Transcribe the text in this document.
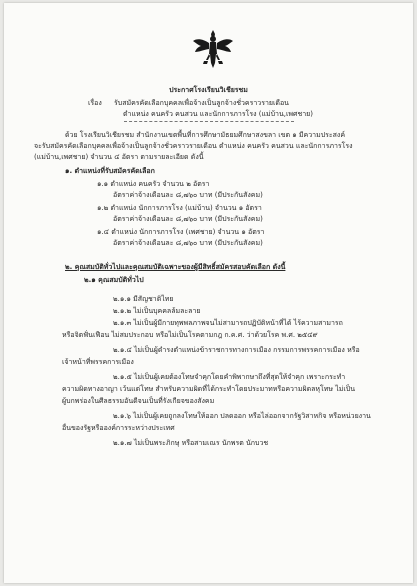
ประกาศโรงเรียนวิเชียรชม
เรื่อง รับสมัครคัดเลือกบุคคลเพื่อจ้างเป็นลูกจ้างชั่วคราวรายเดือน
ตำแหน่ง คนครัว คนสวน และนักการภารโรง (แม่บ้าน,เพศชาย)
ด้วย โรงเรียนวิเชียรชม สำนักงานเขตพื้นที่การศึกษามัธยมศึกษาสงขลา เขต ๑ มีความประสงค์
จะรับสมัครคัดเลือกบุคคลเพื่อจ้างเป็นลูกจ้างชั่วคราวรายเดือน ตำแหน่ง คนครัว คนสวน และนักการภารโรง
(แม่บ้าน,เพศชาย) จำนวน ๔ อัตรา ตามรายละเอียด ดังนี้
๑. ตำแหน่งที่รับสมัครคัดเลือก
๑.๑ ตำแหน่ง คนครัว จำนวน ๒ อัตรา
อัตราค่าจ้างเดือนละ ๘,๗๖๐ บาท (มีประกันสังคม)
๑.๒ ตำแหน่ง นักการภารโรง (แม่บ้าน) จำนวน ๑ อัตรา
อัตราค่าจ้างเดือนละ ๘,๗๖๐ บาท (มีประกันสังคม)
๑.๔ ตำแหน่ง นักการภารโรง (เพศชาย) จำนวน ๑ อัตรา
อัตราค่าจ้างเดือนละ ๘,๗๖๐ บาท (มีประกันสังคม)
๒. คุณสมบัติทั่วไปและคุณสมบัติเฉพาะของผู้มีสิทธิ์สมัครสอบคัดเลือก ดังนี้
๒.๑ คุณสมบัติทั่วไป
๒.๑.๑ มีสัญชาติไทย
๒.๑.๒ ไม่เป็นบุคคลล้มละลาย
๒.๑.๓ ไม่เป็นผู้มีกายทุพพลภาพจนไม่สามารถปฏิบัติหน้าที่ได้ ไร้ความสามารถ
หรือจิตฟั่นเฟือน ไม่สมประกอบ หรือไม่เป็นโรคตามกฎ ก.ค.ศ. ว่าด้วยโรค พ.ศ. ๒๕๔๙
๒.๑.๔ ไม่เป็นผู้ดำรงตำแหน่งข้าราชการทางการเมือง กรรมการพรรคการเมือง หรือ
เจ้าหน้าที่พรรคการเมือง
๒.๑.๕ ไม่เป็นผู้เคยต้องโทษจำคุกโดยคำพิพากษาถึงที่สุดให้จำคุก เพราะกระทำ
ความผิดทางอาญา เว้นแต่โทษ สำหรับความผิดที่ได้กระทำโดยประมาทหรือความผิดลหุโทษ ไม่เป็น
ผู้บกพร่องในศีลธรรมอันดีจนเป็นที่รังเกียจของสังคม
๒.๑.๖ ไม่เป็นผู้เคยถูกลงโทษให้ออก ปลดออก หรือไล่ออกจากรัฐวิสาหกิจ หรือหน่วยงาน
อื่นของรัฐหรือองค์การระหว่างประเทศ
๒.๑.๗ ไม่เป็นพระภิกษุ หรือสามเณร นักพรต นักบวช
